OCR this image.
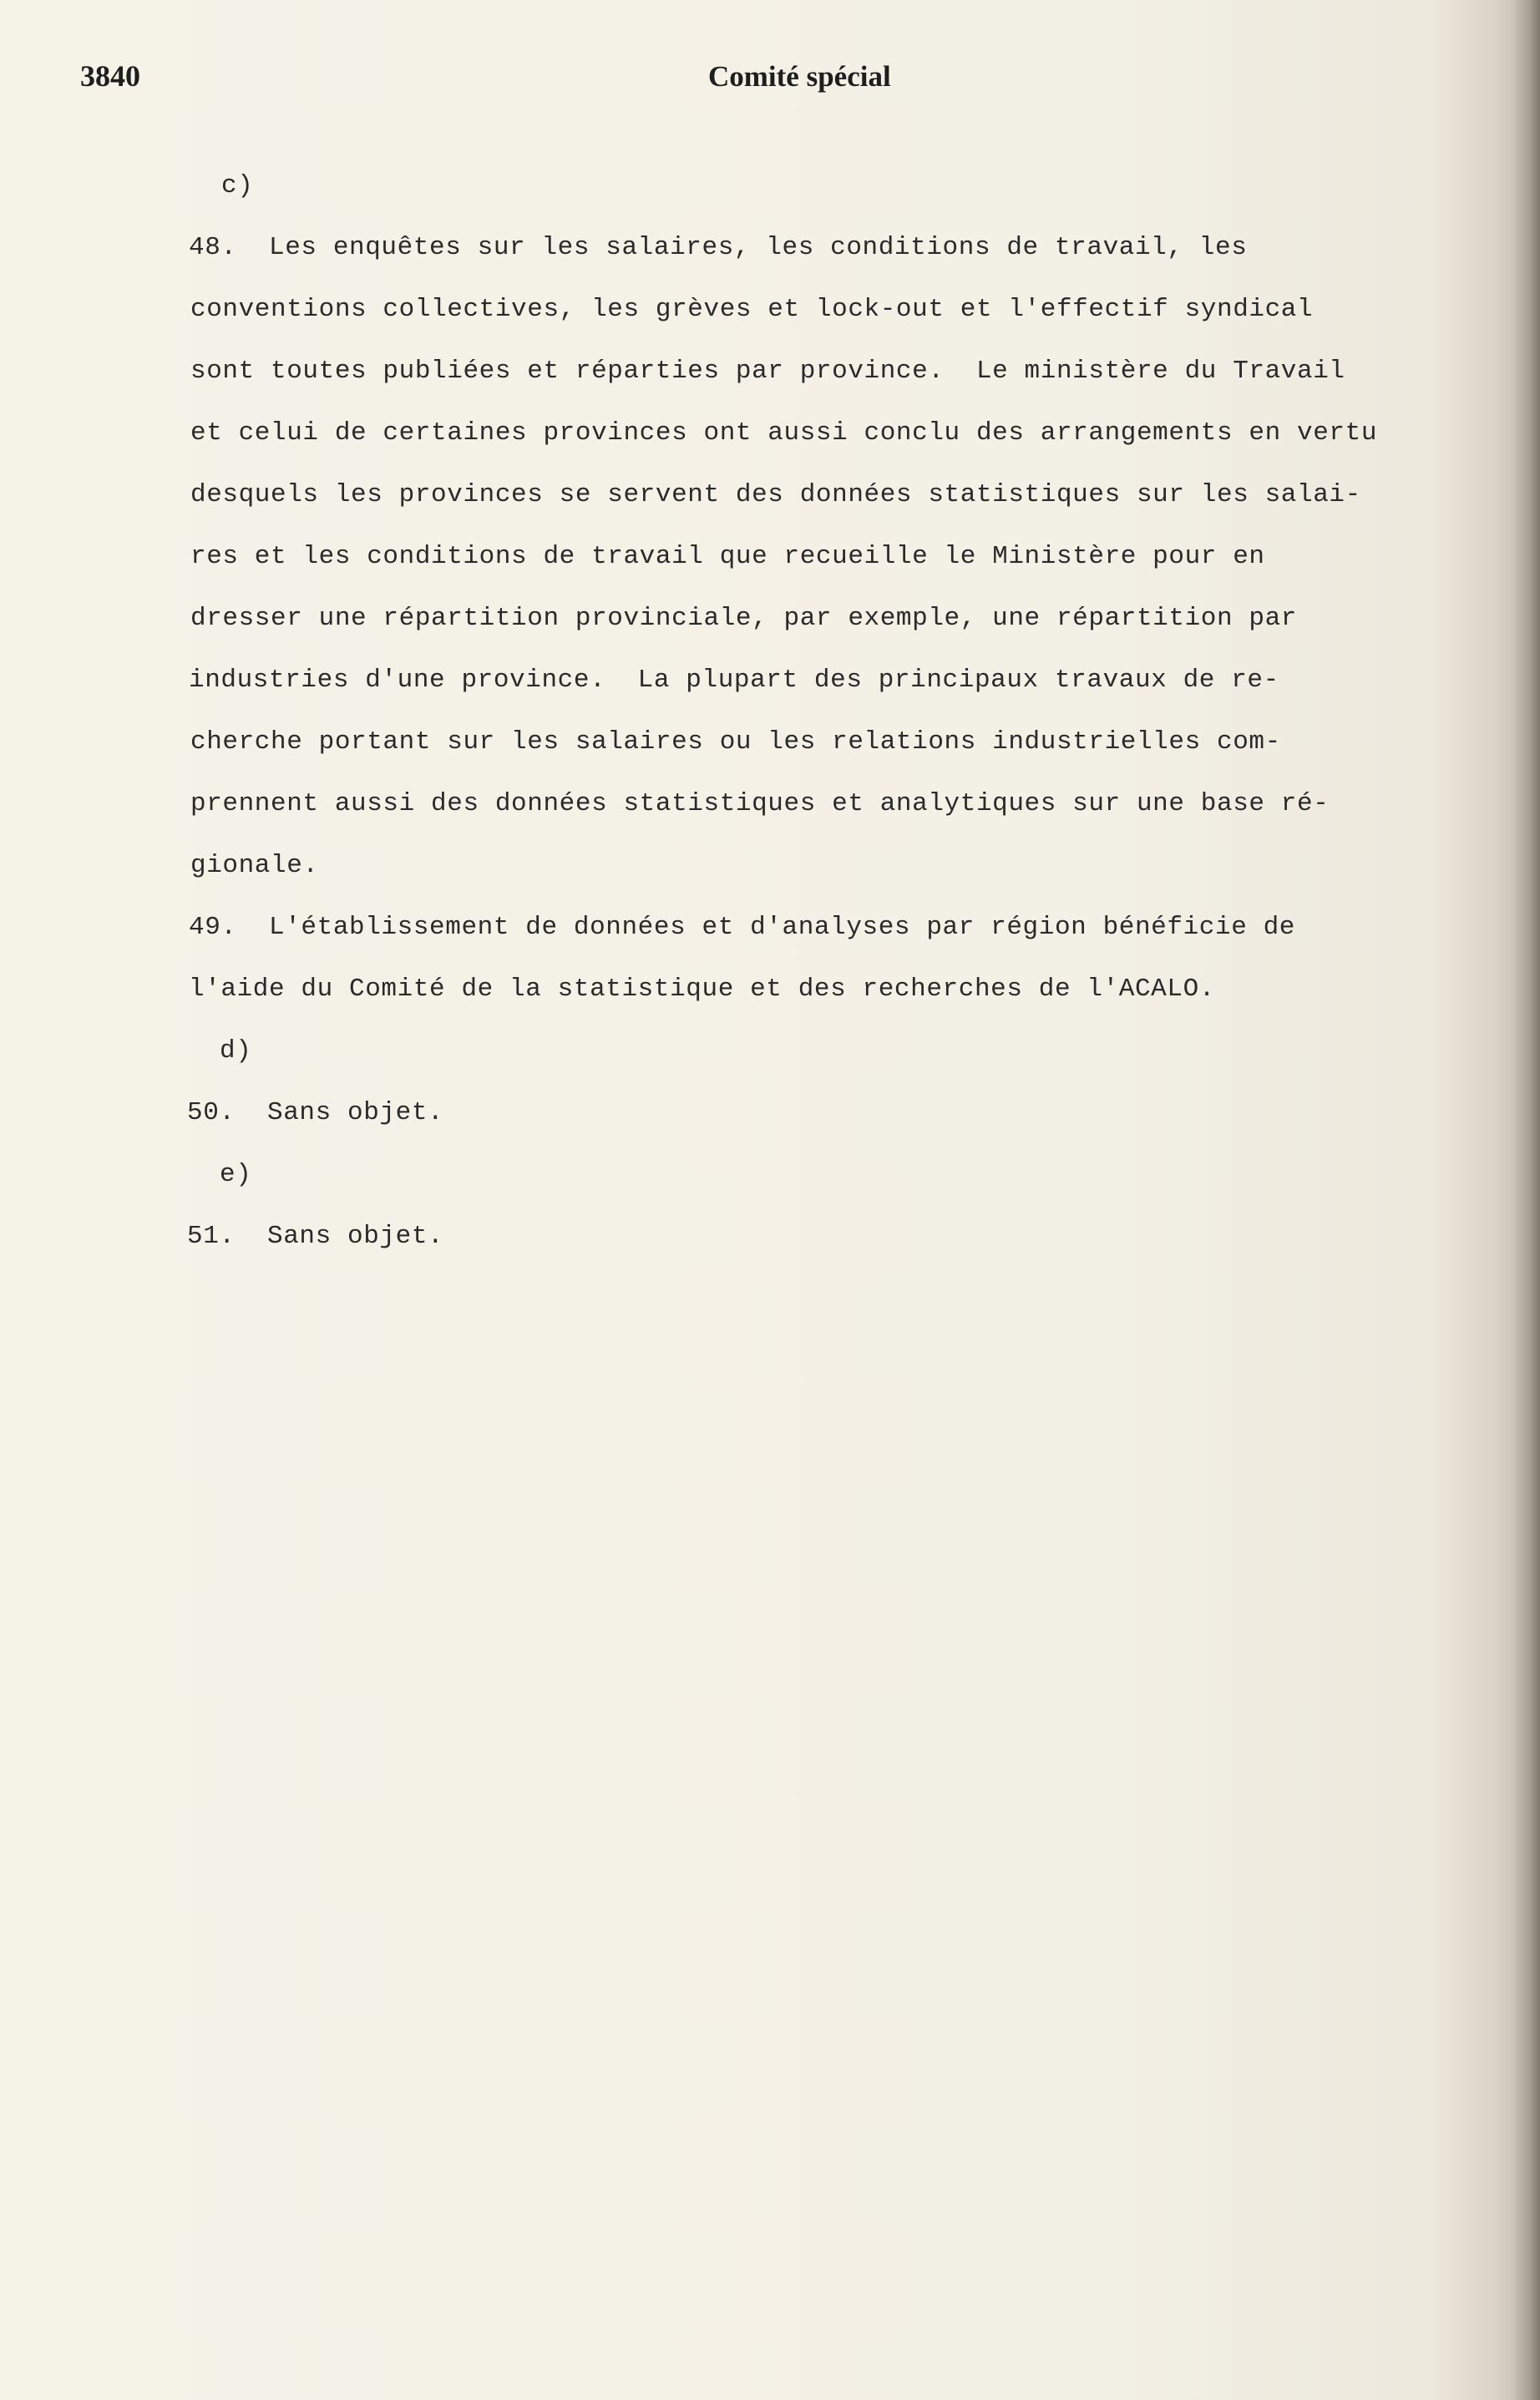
3840	Comité spécial
c)
48.  Les enquêtes sur les salaires, les conditions de travail, les
conventions collectives, les grèves et lock-out et l'effectif syndical
sont toutes publiées et réparties par province.  Le ministère du Travail
et celui de certaines provinces ont aussi conclu des arrangements en vertu
desquels les provinces se servent des données statistiques sur les salai-
res et les conditions de travail que recueille le Ministère pour en
dresser une répartition provinciale, par exemple, une répartition par
industries d'une province.  La plupart des principaux travaux de re-
cherche portant sur les salaires ou les relations industrielles com-
prennent aussi des données statistiques et analytiques sur une base ré-
gionale.
49.  L'établissement de données et d'analyses par région bénéficie de
l'aide du Comité de la statistique et des recherches de l'ACALO.
d)
50.  Sans objet.
e)
51.  Sans objet.
